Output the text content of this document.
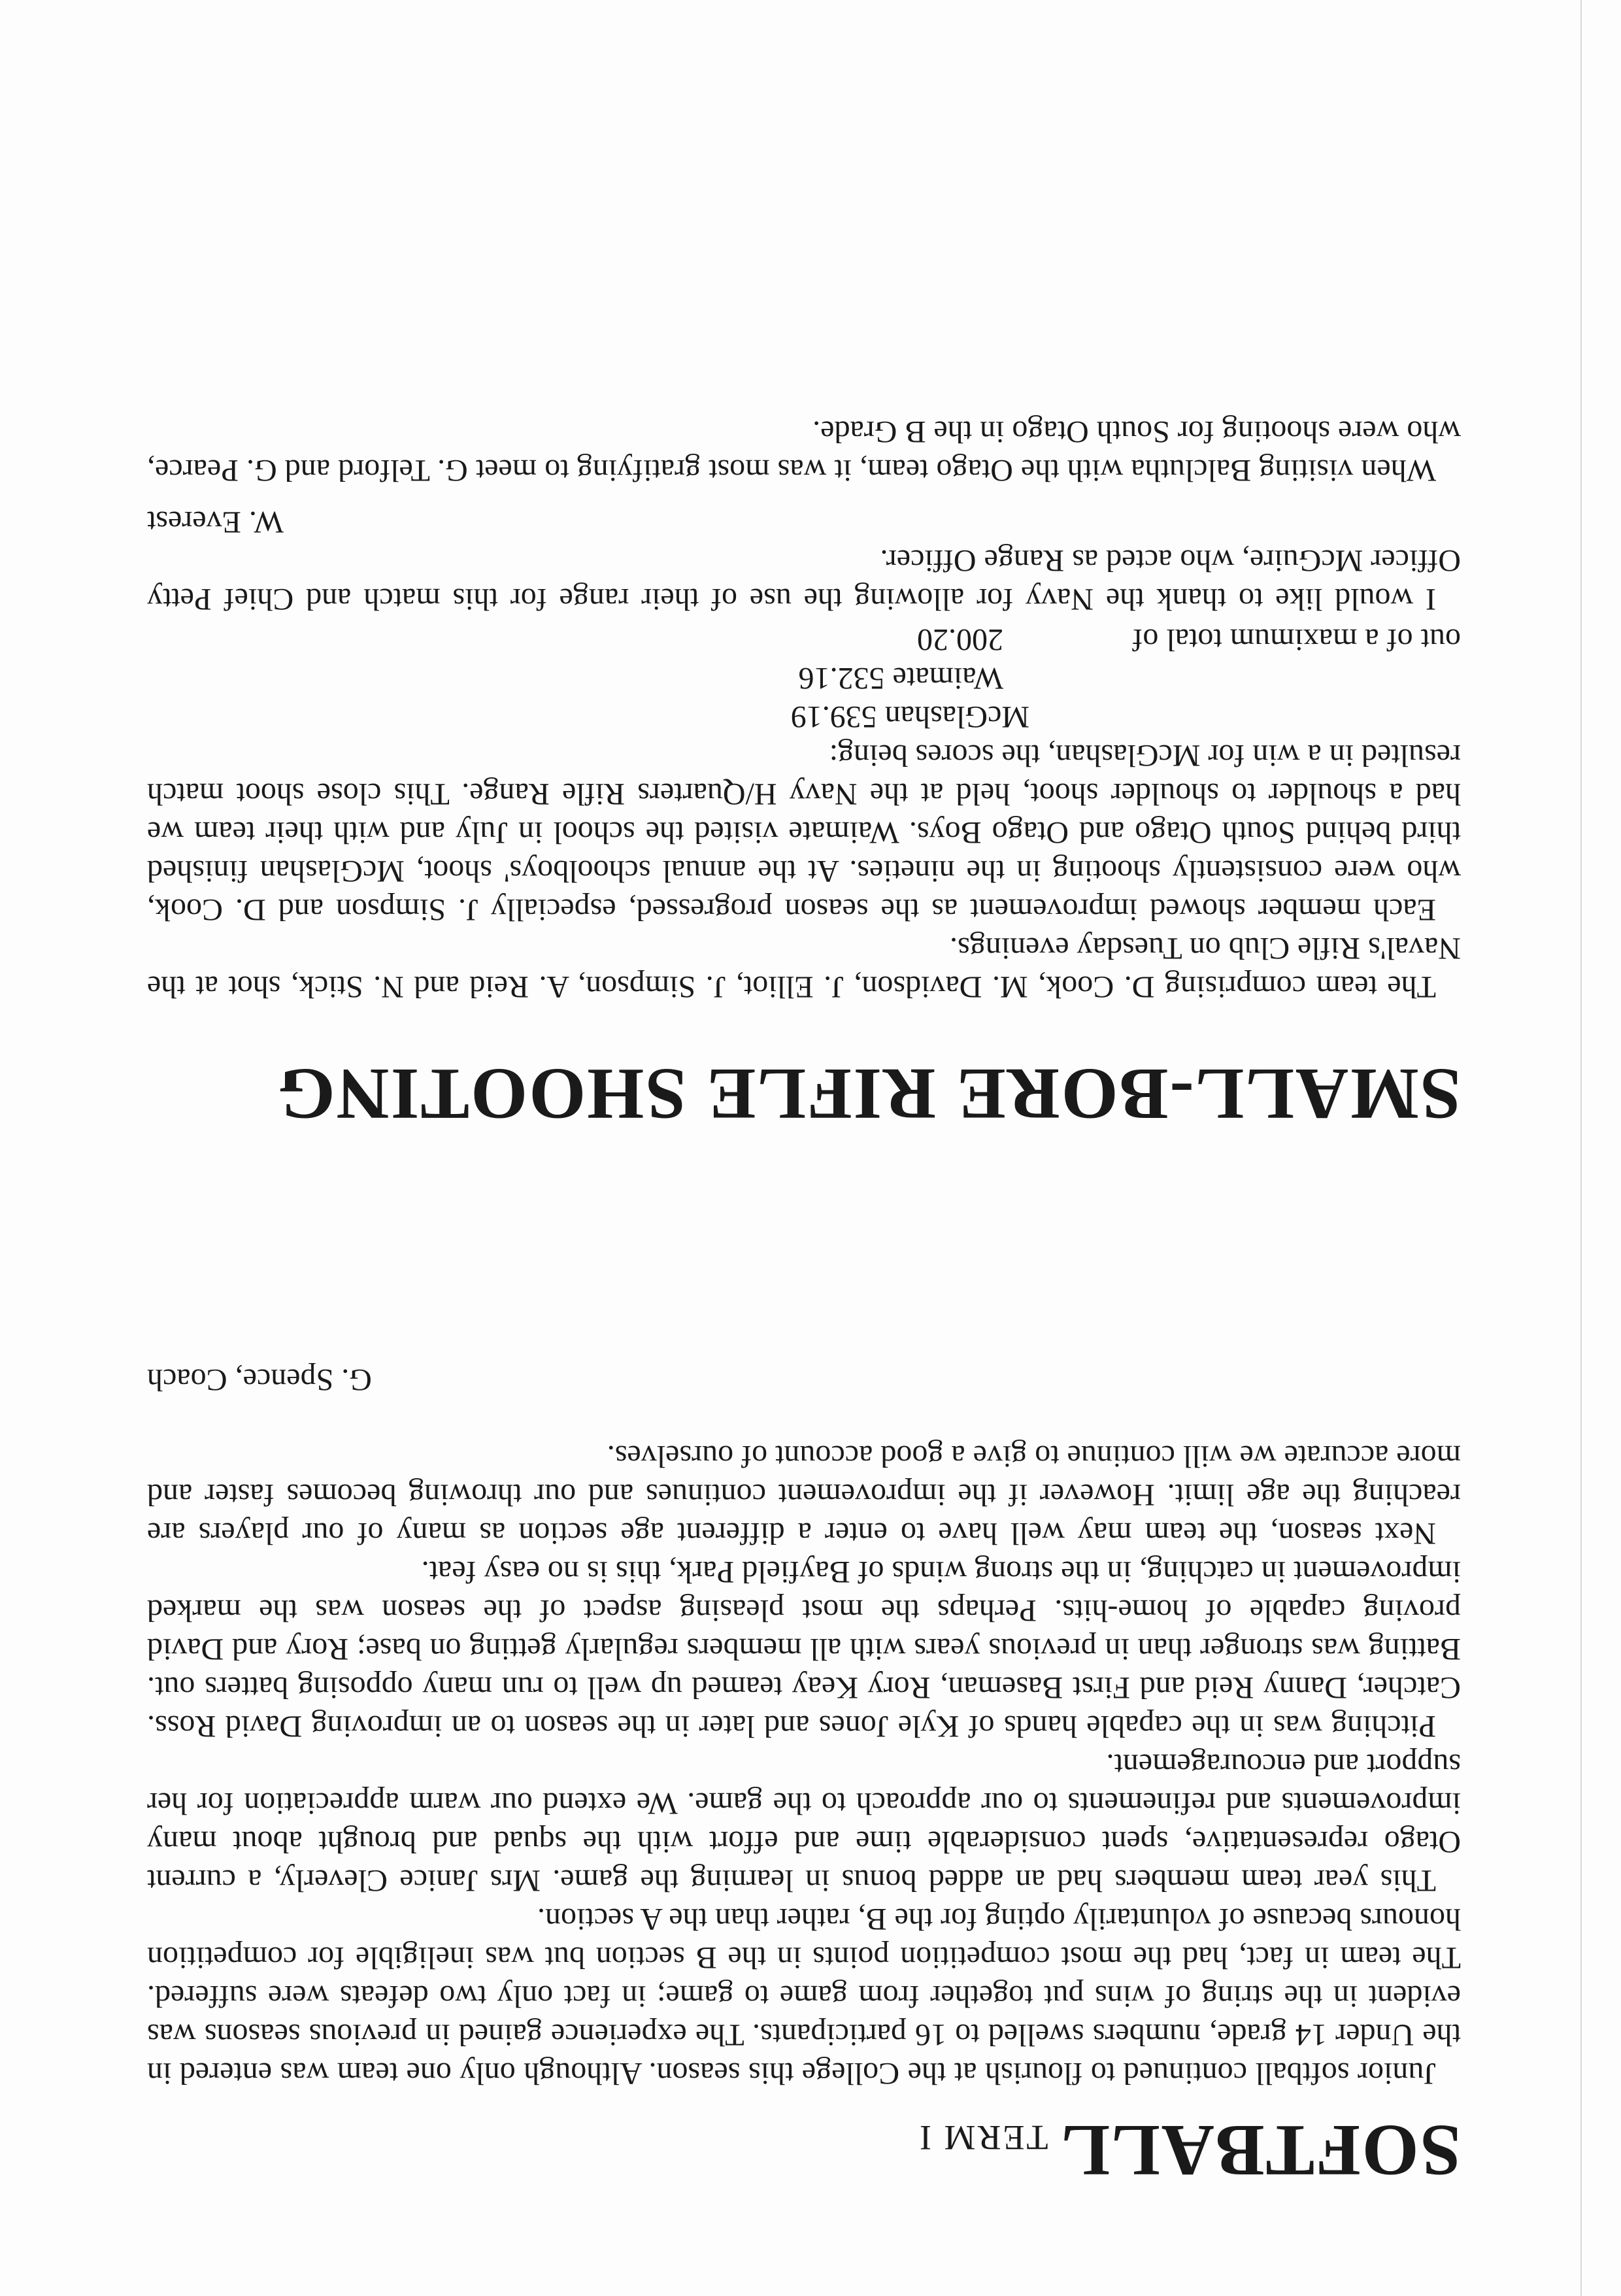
SOFTBALLTERM I

Junior softball continued to flourish at the College this season. Although only one team was entered in the Under 14 grade, numbers swelled to 16 participants. The experience gained in previous seasons was evident in the string of wins put together from game to game; in fact only two defeats were suffered. The team in fact, had the most competition points in the B section but was ineligible for competition honours because of voluntarily opting for the B, rather than the A section.

This year team members had an added bonus in learning the game. Mrs Janice Cleverly, a current Otago representative, spent considerable time and effort with the squad and brought about many improvements and refinements to our approach to the game. We extend our warm appreciation for her support and encouragement.

Pitching was in the capable hands of Kyle Jones and later in the season to an improving David Ross. Catcher, Danny Reid and First Baseman, Rory Keay teamed up well to run many opposing batters out. Batting was stronger than in previous years with all members regularly getting on base; Rory and David proving capable of home-hits. Perhaps the most pleasing aspect of the season was the marked improvement in catching, in the strong winds of Bayfield Park, this is no easy feat.

Next season, the team may well have to enter a different age section as many of our players are reaching the age limit. However if the improvement continues and our throwing becomes faster and more accurate we will continue to give a good account of ourselves.

G. Spence, Coach
SMALL-BORE RIFLE SHOOTING

The team comprising D. Cook, M. Davidson, J. Elliot, J. Simpson, A. Reid and N. Stick, shot at the Naval's Rifle Club on Tuesday evenings.

Each member showed improvement as the season progressed, especially J. Simpson and D. Cook, who were consistently shooting in the nineties. At the annual schoolboys' shoot, McGlashan finished third behind South Otago and Otago Boys. Waimate visited the school in July and with their team we had a shoulder to shoulder shoot, held at the Navy H/Quarters Rifle Range. This close shoot match resulted in a win for McGlashan, the scores being:

McGlashan 539.19
Waimate 532.16
out of a maximum total of
200.20

I would like to thank the Navy for allowing the use of their range for this match and Chief Petty Officer McGuire, who acted as Range Officer.

W. Everest

When visiting Balclutha with the Otago team, it was most gratifying to meet G. Telford and G. Pearce, who were shooting for South Otago in the B Grade.
